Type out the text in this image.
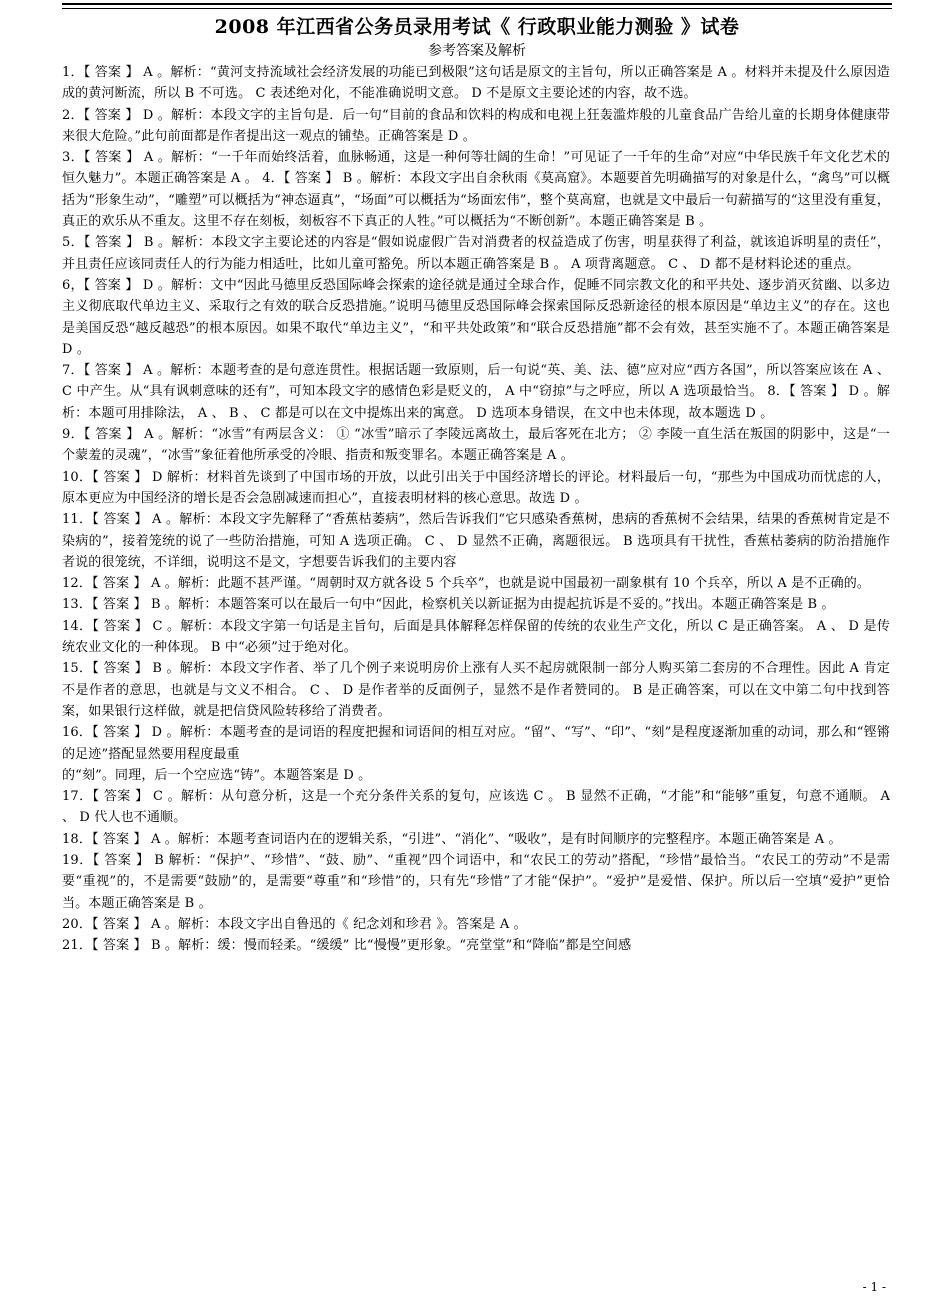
2008 年江西省公务员录用考试《 行政职业能力测验 》试卷
参考答案及解析

1．【 答案 】 A 。解析：“黄河支持流域社会经济发展的功能已到极限”这句话是原文的主旨句，所以正确答案是 A 。材料并未提及什么原因造成的黄河断流，所以 B 不可选。 C 表述绝对化，不能准确说明文意。 D 不是原文主要论述的内容，故不选。

2．【 答案 】 D 。解析：本段文字的主旨句是．后一句“目前的食品和饮料的构成和电视上狂轰滥炸般的儿童食品广告给儿童的长期身体健康带来很大危险。”此句前面都是作者提出这一观点的铺垫。正确答案是 D 。

3．【 答案 】 A 。解析：“一千年而始终活着，血脉畅通，这是一种何等壮阔的生命！”可见证了一千年的生命”对应“中华民族千年文化艺术的恒久魅力”。本题正确答案是 A 。 4．【 答案 】 B 。解析：本段文字出自余秋雨《莫高窟》。本题要首先明确描写的对象是什么，“禽鸟”可以概括为“形象生动”，“雕塑”可以概括为“神态逼真”，“场面”可以概括为“场面宏伟”，整个莫高窟，也就是文中最后一句薪描写的“这里没有重复，真正的欢乐从不重友。这里不存在刻板，刻板容不下真正的人牲。”可以概括为“不断创新”。本题正确答案是 B 。

5．【 答案 】 B 。解析：本段文字主要论述的内容是“假如说虚假广告对消费者的权益造成了伤害，明星获得了利益，就该追诉明星的责任”，并且责任应该同责任人的行为能力相适吐，比如儿童可豁免。所以本题正确答案是 B 。 A 项背离题意。 C 、 D 都不是材料论述的重点。

6，【 答案 】 D 。解析：文中“因此马德里反恐国际峰会探索的途径就是通过全球合作，促睡不同宗教文化的和平共处、逐步消灭贫幽、以多边主义彻底取代单边主义、采取行之有效的联合反恐措施。”说明马德里反恐国际峰会探索国际反恐新途径的根本原因是“单边主义”的存在。这也是美国反恐“越反越恐”的根本原因。如果不取代“单边主义”，“和平共处政策”和“联合反恐措施”都不会有效，甚至实施不了。本题正确答案是 D 。

7．【 答案 】 A 。解析：本题考查的是句意连贯性。根据话题一致原则，后一句说“英、美、法、德”应对应“西方各国”，所以答案应该在 A 、 C 中产生。从“具有讽刺意味的还有”，可知本段文字的感情色彩是贬义的， A 中“窃掠”与之呼应，所以 A 选项最恰当。 8．【 答案 】 D 。解析：本题可用排除法， A 、 B 、 C 都是可以在文中提炼出来的寓意。 D 选项本身错误，在文中也未体现，故本题选 D 。

9．【 答案 】 A 。解析：“冰雪”有两层含义： ① “冰雪”暗示了李陵远离故土，最后客死在北方； ② 李陵一直生活在叛国的阴影中，这是“一个蒙羞的灵魂”，“冰雪”象征着他所承受的冷眼、指责和叛变罪名。本题正确答案是 A 。

10．【 答案 】 D 解析：材料首先谈到了中国市场的开放，以此引出关于中国经济增长的评论。材料最后一句，“那些为中国成功而忧虑的人，原本更应为中国经济的增长是否会急剧减速而担心”，直接表明材料的核心意思。故选 D 。

11．【 答案 】 A 。解析：本段文字先解释了“香蕉枯萎病”，然后告诉我们“它只感染香蕉树，患病的香蕉树不会结果，结果的香蕉树肯定是不染病的”，接着笼统的说了一些防治措施，可知 A 选项正确。 C 、 D 显然不正确，离题很远。 B 选项具有干扰性，香蕉枯萎病的防治措施作者说的很笼统，不详细，说明这不是文，字想要告诉我们的主要内容

12．【 答案 】 A 。解析：此题不甚严谨。“周朝时双方就各设 5 个兵卒”，也就是说中国最初一副象棋有 10 个兵卒，所以 A 是不正确的。

13．【 答案 】 B 。解析：本题答案可以在最后一句中“因此，检察机关以新证据为由提起抗诉是不妥的。”找出。本题正确答案是 B 。

14．【 答案 】 C 。解析：本段文字第一句话是主旨句，后面是具体解释怎样保留的传统的农业生产文化，所以 C 是正确答案。 A 、 D 是传统农业文化的一种体现。 B 中“必须”过于绝对化。

15．【 答案 】 B 。解析：本段文字作者、举了几个例子来说明房价上涨有人买不起房就限制一部分人购买第二套房的不合理性。因此 A 肯定不是作者的意思，也就是与文义不相合。 C 、 D 是作者举的反面例子，显然不是作者赞同的。 B 是正确答案，可以在文中第二句中找到答案，如果银行这样做，就是把信贷风险转移给了消费者。

16．【 答案 】 D 。解析：本题考查的是词语的程度把握和词语间的相互对应。“留”、“写”、“印”、“刻”是程度逐渐加重的动词，那么和“铿锵的足迹”搭配显然要用程度最重

的“刻”。同理，后一个空应选“铸”。本题答案是 D 。

17．【 答案 】 C 。解析：从句意分析，这是一个充分条件关系的复句，应该选 C 。 B 显然不正确，“才能”和“能够”重复，句意不通顺。 A 、 D 代人也不通顺。

18．【 答案 】 A 。解析：本题考查词语内在的逻辑关系，“引进”、“消化”、“吸收”，是有时间顺序的完整程序。本题正确答案是 A 。

19．【 答案 】 B 解析：“保护”、“珍惜”、“鼓、励”、“重视”四个词语中，和“农民工的劳动”搭配，“珍惜”最恰当。“农民工的劳动”不是需要“重视”的，不是需要“鼓励”的，是需要“尊重”和“珍惜”的，只有先“珍惜”了才能“保护”。“爱护”是爱惜、保护。所以后一空填“爱护”更恰当。本题正确答案是 B 。

20．【 答案 】 A 。解析：本段文字出自鲁迅的《 纪念刘和珍君 》。答案是 A 。

21．【 答案 】 B 。解析：缓：慢而轻柔。“缓缓” 比“慢慢”更形象。“亮堂堂”和“降临”都是空间感

- 1 -
